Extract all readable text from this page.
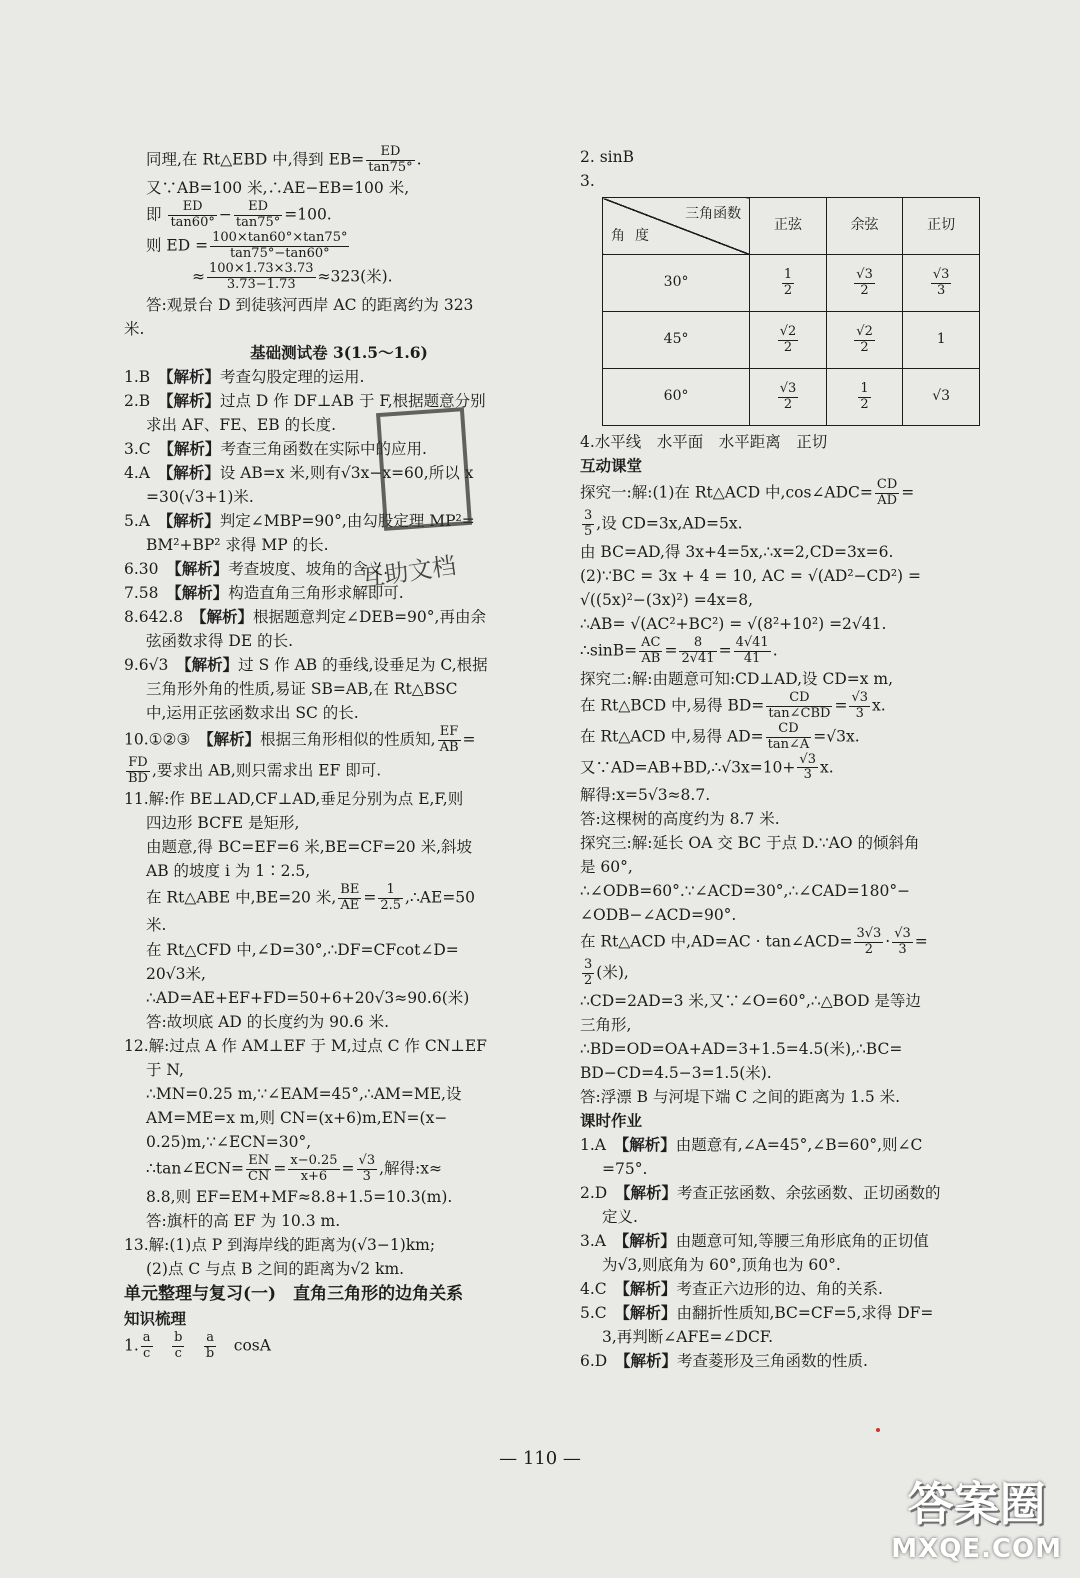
同理,在 Rt△EBD 中,得到 $EB= \frac{ED}{\tan 75^\circ}$ .

又∵AB=100 米,∴AE−EB=100 米,

即 $\frac{ED}{\tan 60^\circ} - \frac{ED}{\tan 75^\circ} =100$.

则 ED = $\frac{100\times\tan 60^\circ\times\tan 75^\circ}{\tan 75^\circ-\tan 60^\circ}$

≈ $\frac{100\times 1.73\times 3.73}{3.73-1.73} \approx 323$(米).

答:观景台 D 到徒骇河西岸 AC 的距离约为 323

米.

基础测试卷 3(1.5～1.6)

1.B　 【解析】考查勾股定理的运用.

2.B　 【解析】过点 D 作 DF⊥AB 于 F,根据题意分别

求出 AF、FE、EB 的长度.

3.C　 【解析】考查三角函数在实际中的应用.

4.A　 【解析】设 AB=x 米,则有√3x−x=60,所以 x

=30(√3+1)米.

5.A　 【解析】判定∠MBP=90°,由勾股定理 MP²=

BM²+BP² 求得 MP 的长.

6.30　 【解析】考查坡度、坡角的含义.

7.58　 【解析】构造直角三角形求解即可.

8.642.8　 【解析】根据题意判定∠DEB=90°,再由余

弦函数求得 DE 的长.

9.6√3　 【解析】过 S 作 AB 的垂线,设垂足为 C,根据

三角形外角的性质,易证 SB=AB,在 Rt△BSC

中,运用正弦函数求出 SC 的长.

10.①②③　 【解析】根据三角形相似的性质知, $\frac{EF}{AB}$ =

$\frac{FD}{BD}$ ,要求出 AB,则只需求出 EF 即可.

11.解:作 BE⊥AD,CF⊥AD,垂足分别为点 E,F,则

四边形 BCFE 是矩形,

由题意,得 BC=EF=6 米,BE=CF=20 米,斜坡

AB 的坡度 i 为 1∶2.5,

在 Rt△ABE 中,BE=20 米, $\frac{BE}{AE} = \frac{1}{2.5}$ ,∴AE=50

米.

在 Rt△CFD 中,∠D=30°,∴DF=CFcot∠D=

20√3米,

∴AD=AE+EF+FD=50+6+20√3≈90.6(米)

答:故坝底 AD 的长度约为 90.6 米.

12.解:过点 A 作 AM⊥EF 于 M,过点 C 作 CN⊥EF

于 N,

∴MN=0.25 m,∵∠EAM=45°,∴AM=ME,设

AM=ME=x m,则 CN=(x+6)m,EN=(x−

0.25)m,∵∠ECN=30°,

∴tan∠ECN= $\frac{EN}{CN} = \frac{x-0.25}{x+6} = \frac{√3}{3}$ ,解得:x≈

8.8,则 EF=EM+MF≈8.8+1.5=10.3(m).

答:旗杆的高 EF 为 10.3 m.

13.解:(1)点 P 到海岸线的距离为(√3−1)km;

(2)点 C 与点 B 之间的距离为√2 km.

单元整理与复习(一)　直角三角形的边角关系

知识梳理

1. $\frac{a}{c}$
　 $\frac{b}{c}$
　 $\frac{a}{b}$
　 cosA

2. sinB

3.

三角函数
角度	正弦	余弦	正切
30°	$\frac{1}{2}$	$\frac{√3}{2}$	$\frac{√3}{3}$

45°	$\frac{√2}{2}$	$\frac{√2}{2}$	1
60°	$\frac{√3}{2}$	$\frac{1}{2}$	√3

4.水平线　水平面　水平距离　正切

互动课堂

探究一:解:(1)在 Rt△ACD 中,cos∠ADC= $\frac{CD}{AD}$ =

$\frac{3}{5}$ ,设 CD=3x,AD=5x.

由 BC=AD,得 3x+4=5x,∴x=2,CD=3x=6.

(2)∵BC = 3x + 4 = 10, AC = √(AD²−CD²) =

√((5x)²−(3x)²) =4x=8,

∴AB= √(AC²+BC²) = √(8²+10²) =2√41.

∴sinB= $\frac{AC}{AB} = \frac{8}{2√41} = \frac{4√41}{41}$ .

探究二:解:由题意可知:CD⊥AD,设 CD=x m,

在 Rt△BCD 中,易得 $BD= \frac{CD}{\text{tan∠CBD}} = \frac{√3}{3} x$.

在 Rt△ACD 中,易得 $AD= \frac{CD}{\tan\angle A} =√3x$.

又∵AD=AB+BD,∴√3x=10+ $\frac{√3}{3} x$.

解得:x=5√3≈8.7.

答:这棵树的高度约为 8.7 米.

探究三:解:延长 OA 交 BC 于点 D.∵AO 的倾斜角

是 60°,

∴∠ODB=60°.∵∠ACD=30°,∴∠CAD=180°−

∠ODB−∠ACD=90°.

在 Rt△ACD 中,AD=AC · tan∠ACD= $\frac{3√3}{2} \cdot \frac{√3}{3}$ =

$\frac{3}{2}$ (米),

∴CD=2AD=3 米,又∵∠O=60°,∴△BOD 是等边

三角形,

∴BD=OD=OA+AD=3+1.5=4.5(米),∴BC=

BD−CD=4.5−3=1.5(米).

答:浮漂 B 与河堤下端 C 之间的距离为 1.5 米.

课时作业

1.A　 【解析】由题意有,∠A=45°,∠B=60°,则∠C

=75°.

2.D　 【解析】考查正弦函数、余弦函数、正切函数的

定义.

3.A　 【解析】由题意可知,等腰三角形底角的正切值

为√3,则底角为 60°,顶角也为 60°.

4.C　 【解析】考查正六边形的边、角的关系.

5.C　 【解析】由翻折性质知,BC=CF=5,求得 DF=

3,再判断∠AFE=∠DCF.

6.D　 【解析】考查菱形及三角函数的性质.

互助文档
— 110 —
答案圈
MXQE.COM
